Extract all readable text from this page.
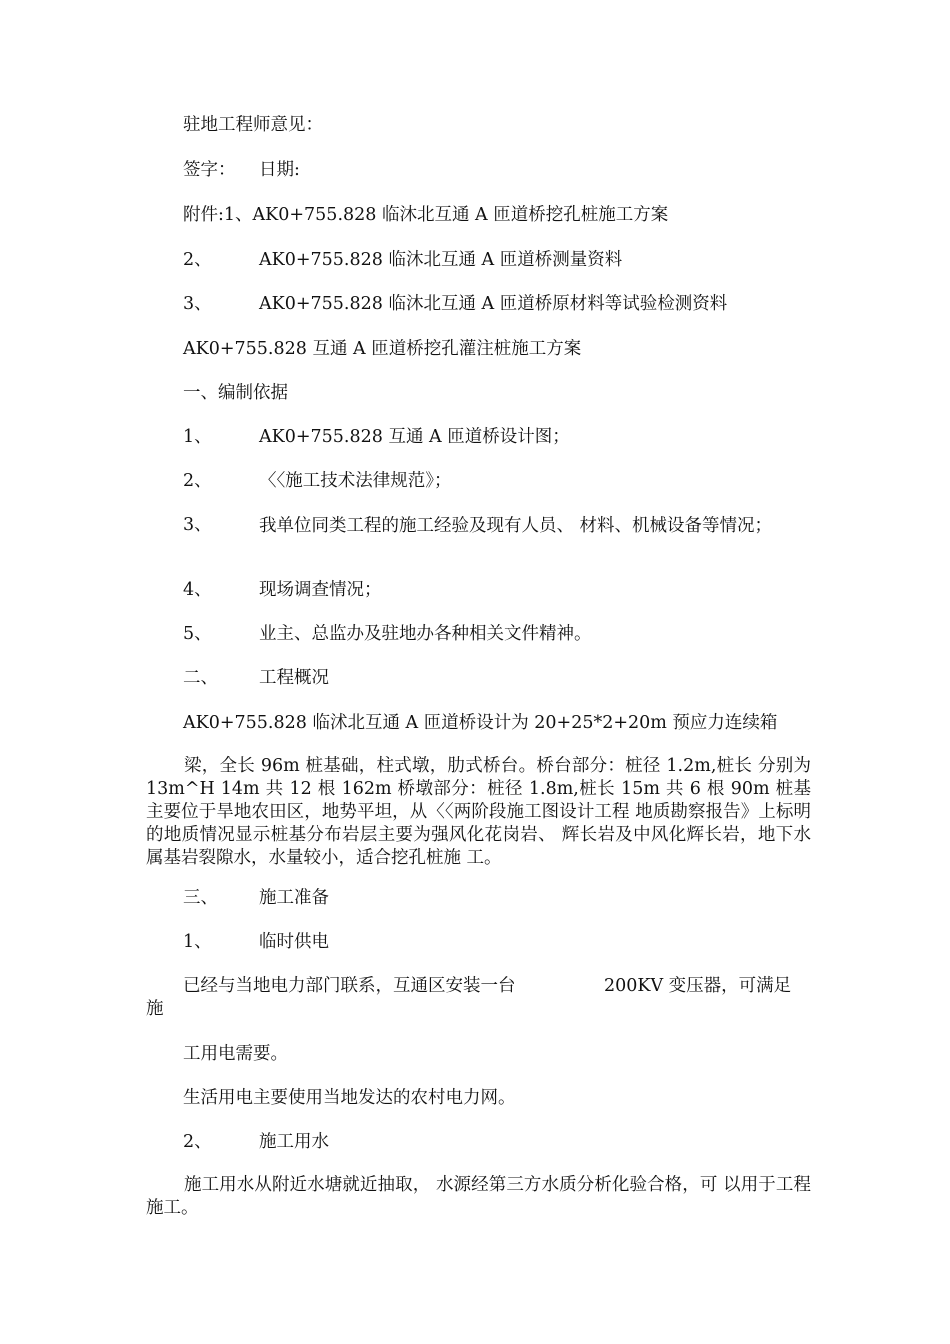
驻地工程师意见：
签字： 日期:
附件:1、AK0+755.828 临沐北互通 A 匝道桥挖孔桩施工方案
2、	AK0+755.828 临沐北互通 A 匝道桥测量资料
3、	AK0+755.828 临沐北互通 A 匝道桥原材料等试验检测资料
AK0+755.828 互通 A 匝道桥挖孔灌注桩施工方案
一、编制依据
1、	AK0+755.828 互通 A 匝道桥设计图；
2、	〈〈施工技术法律规范》；
3、	我单位同类工程的施工经验及现有人员、 材料、机械设备等情况；
4、	现场调查情况；
5、	业主、总监办及驻地办各种相关文件精神。
二、 工程概况
AK0+755.828 临沭北互通 A 匝道桥设计为 20+25*2+20m 预应力连续箱
梁，全长 96m 桩基础，柱式墩，肋式桥台。桥台部分：桩径 1.2m,桩长 分别为 13m^H 14m 共 12 根 162m 桥墩部分：桩径 1.8m,桩长 15m 共 6 根 90m 桩基主要位于旱地农田区，地势平坦，从〈〈两阶段施工图设计工程 地质勘察报告》上标明的地质情况显示桩基分布岩层主要为强风化花岗岩、 辉长岩及中风化辉长岩，地下水属基岩裂隙水，水量较小，适合挖孔桩施 工。
三、 施工准备
1、	临时供电
已经与当地电力部门联系，互通区安装一台	200KV 变压器，可满足
施
工用电需要。
生活用电主要使用当地发达的农村电力网。
2、	施工用水
施工用水从附近水塘就近抽取， 水源经第三方水质分析化验合格，可 以用于工程施工。
